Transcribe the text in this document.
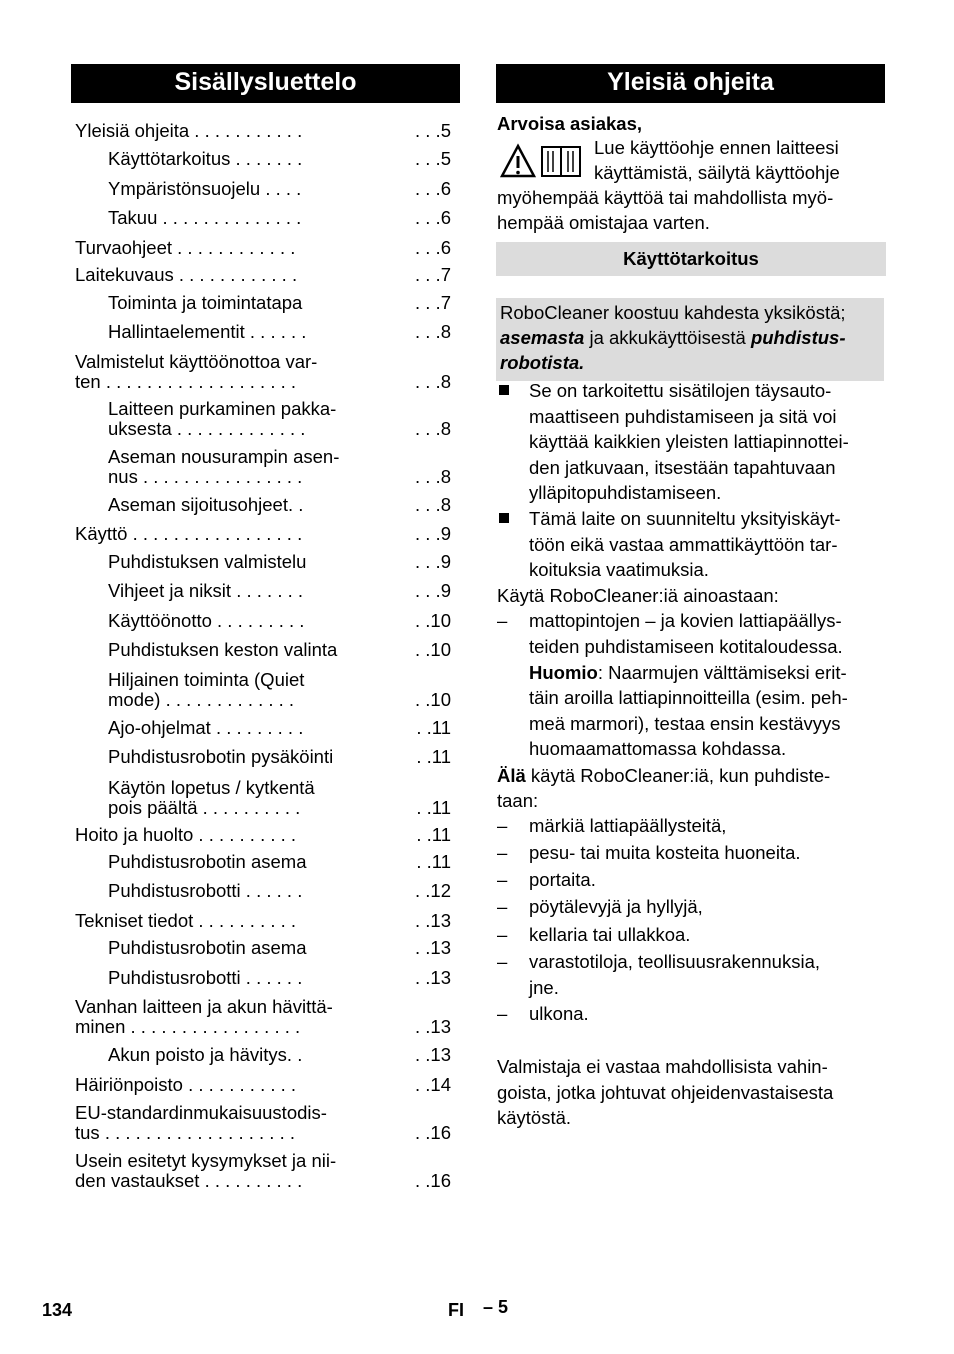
Sisällysluettelo
Yleisiä ohjeita . . . . . . . . . . .	. . .5
Käyttötarkoitus . . . . . . .	. . .5
Ympäristönsuojelu . . . .	. . .6
Takuu . . . . . . . . . . . . . .	. . .6
Turvaohjeet . . . . . . . . . . . .	. . .6
Laitekuvaus . . . . . . . . . . . .	. . .7
Toiminta ja toimintatapa	. . .7
Hallintaelementit . . . . . .	. . .8
Valmistelut käyttöönottoa var-
ten . . . . . . . . . . . . . . . . . . .	. . .8
Laitteen purkaminen pakka-
uksesta . . . . . . . . . . . . .	. . .8
Aseman nousurampin asen-
nus . . . . . . . . . . . . . . . .	. . .8
Aseman sijoitusohjeet. .	. . .8
Käyttö . . . . . . . . . . . . . . . . .	. . .9
Puhdistuksen valmistelu	. . .9
Vihjeet ja niksit . . . . . . .	. . .9
Käyttöönotto . . . . . . . . .	. .10
Puhdistuksen keston valinta	. .10
Hiljainen toiminta (Quiet
mode) . . . . . . . . . . . . .	. .10
Ajo-ohjelmat . . . . . . . . .	. .11
Puhdistusrobotin pysäköinti	. .11
Käytön lopetus / kytkentä
pois päältä . . . . . . . . . .	. .11
Hoito ja huolto . . . . . . . . . .	. .11
Puhdistusrobotin asema	. .11
Puhdistusrobotti . . . . . .	. .12
Tekniset tiedot . . . . . . . . . .	. .13
Puhdistusrobotin asema	. .13
Puhdistusrobotti . . . . . .	. .13
Vanhan laitteen ja akun hävittä-
minen . . . . . . . . . . . . . . . . .	. .13
Akun poisto ja hävitys. .	. .13
Häiriönpoisto . . . . . . . . . . .	. .14
EU-standardinmukaisuustodis-
tus . . . . . . . . . . . . . . . . . . .	. .16
Usein esitetyt kysymykset ja nii-
den vastaukset . . . . . . . . . .	. .16
Yleisiä ohjeita
Arvoisa asiakas,
Lue käyttöohje ennen laitteesi
käyttämistä, säilytä käyttöohje
myöhempää käyttöä tai mahdollista myö-
hempää omistajaa varten.
Käyttötarkoitus
RoboCleaner koostuu kahdesta yksiköstä;
asemasta ja akkukäyttöisestä puhdistus-
robotista.
Se on tarkoitettu sisätilojen täysauto-
maattiseen puhdistamiseen ja sitä voi
käyttää kaikkien yleisten lattiapinnottei-
den jatkuvaan, itsestään tapahtuvaan
ylläpitopuhdistamiseen.
Tämä laite on suunniteltu yksityiskäyt-
töön eikä vastaa ammattikäyttöön tar-
koituksia vaatimuksia.
Käytä RoboCleaner:iä ainoastaan:
– mattopintojen – ja kovien lattiapäällys-
teiden puhdistamiseen kotitaloudessa.
Huomio: Naarmujen välttämiseksi erit-
täin aroilla lattiapinnoitteilla (esim. peh-
meä marmori), testaa ensin kestävyys
huomaamattomassa kohdassa.
Älä käytä RoboCleaner:iä, kun puhdiste-
taan:
– märkiä lattiapäällysteitä,
– pesu- tai muita kosteita huoneita.
– portaita.
– pöytälevyjä ja hyllyjä,
– kellaria tai ullakkoa.
– varastotiloja, teollisuusrakennuksia,
jne.
– ulkona.
Valmistaja ei vastaa mahdollisista vahin-
goista, jotka johtuvat ohjeidenvastaisesta
käytöstä.
134	FI – 5
